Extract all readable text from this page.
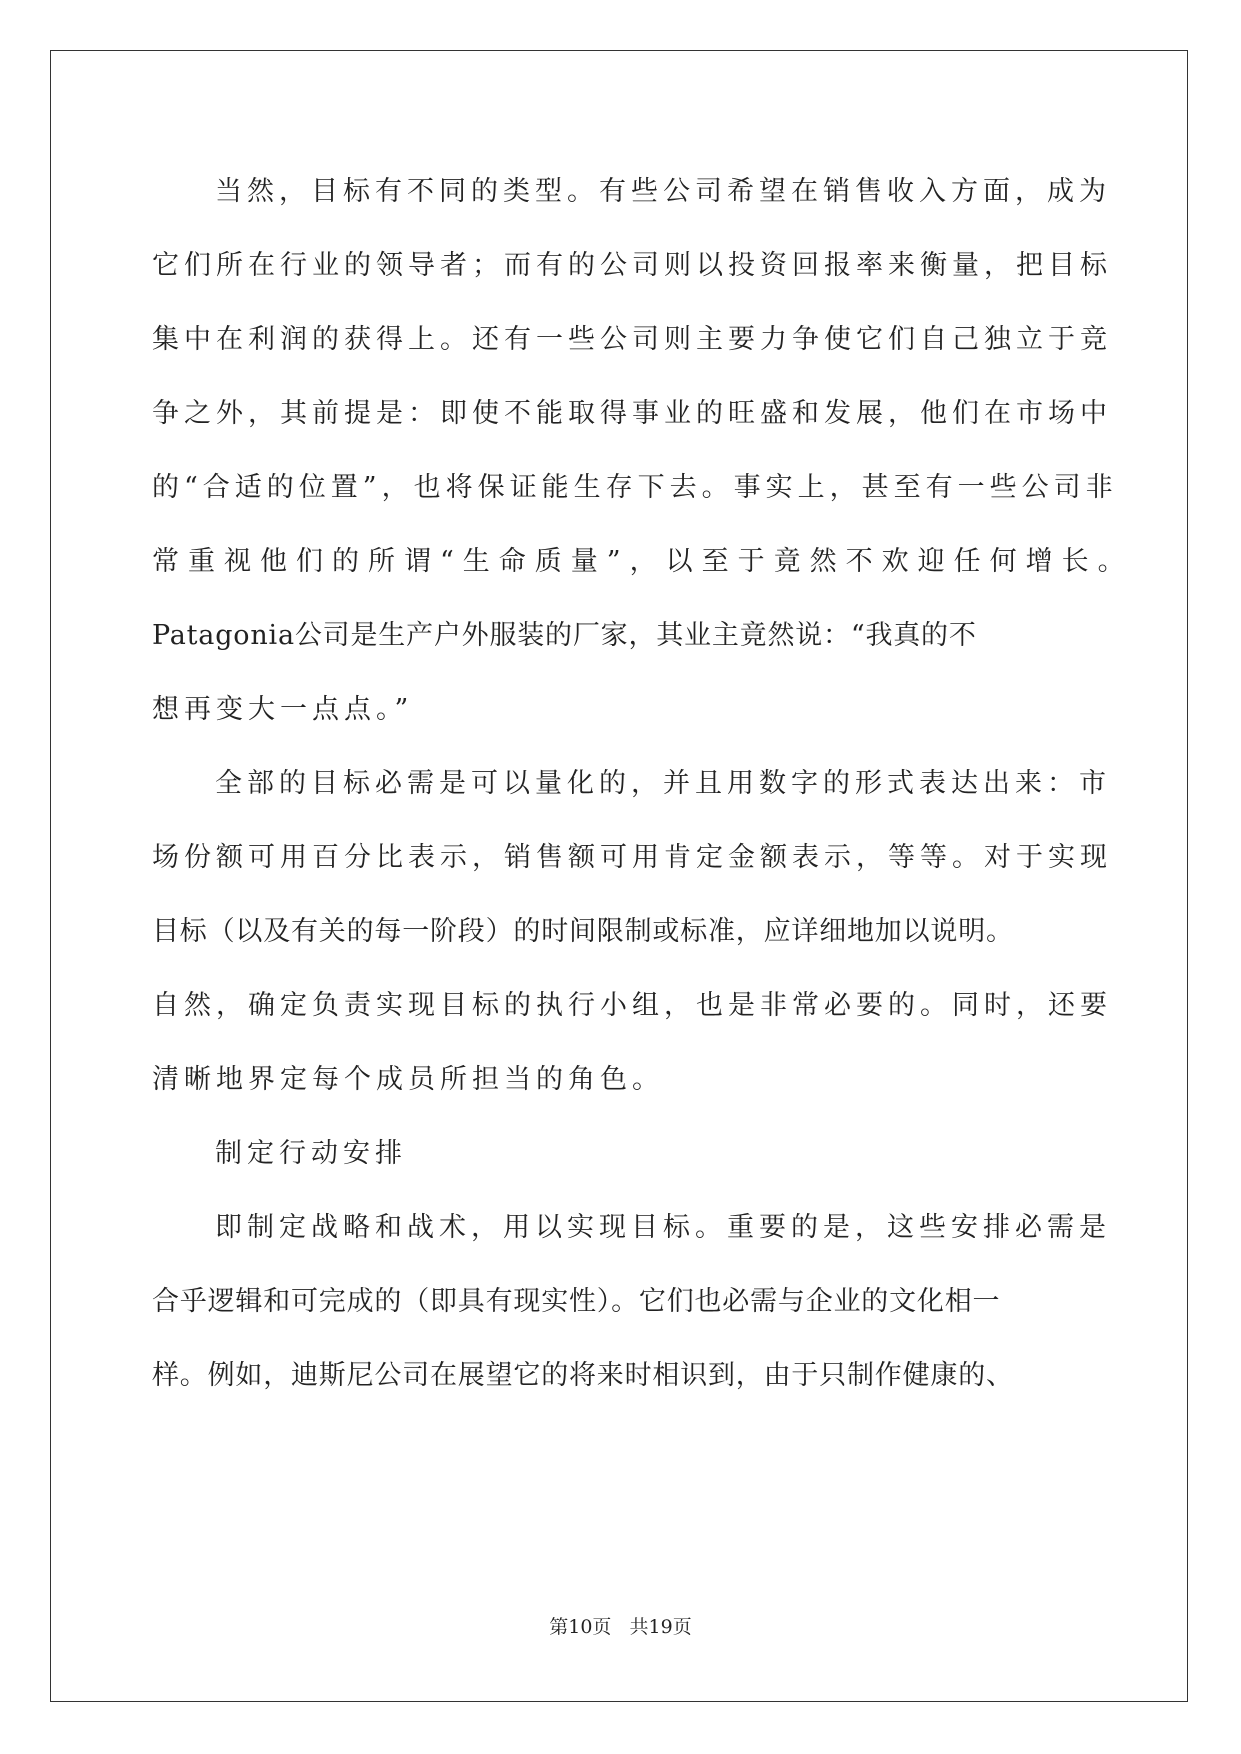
当然，目标有不同的类型。有些公司希望在销售收入方面，成为
它们所在行业的领导者；而有的公司则以投资回报率来衡量，把目标
集中在利润的获得上。还有一些公司则主要力争使它们自己独立于竞
争之外，其前提是：即使不能取得事业的旺盛和发展，他们在市场中
的“合适的位置”，也将保证能生存下去。事实上，甚至有一些公司非
常重视他们的所谓“生命质量”，以至于竟然不欢迎任何增长。
Patagonia公司是生产户外服装的厂家，其业主竟然说：“我真的不
想再变大一点点。”
全部的目标必需是可以量化的，并且用数字的形式表达出来：市
场份额可用百分比表示，销售额可用肯定金额表示，等等。对于实现
目标（以及有关的每一阶段）的时间限制或标准，应详细地加以说明。
自然，确定负责实现目标的执行小组，也是非常必要的。同时，还要
清晰地界定每个成员所担当的角色。
制定行动安排
即制定战略和战术，用以实现目标。重要的是，这些安排必需是
合乎逻辑和可完成的（即具有现实性）。它们也必需与企业的文化相一
样。例如，迪斯尼公司在展望它的将来时相识到，由于只制作健康的、
第10页   共19页
